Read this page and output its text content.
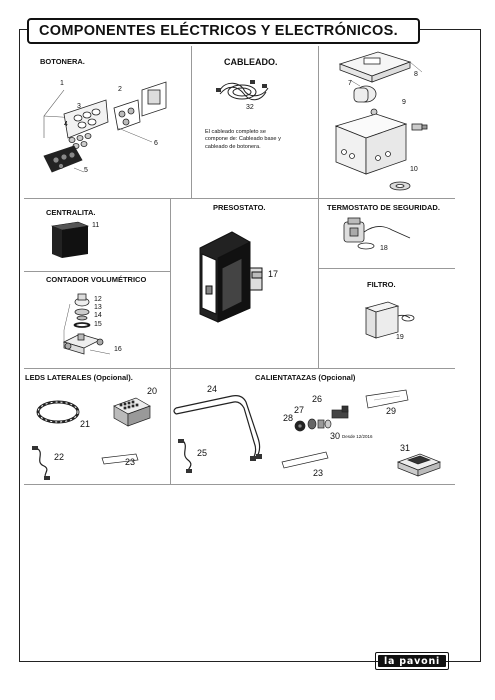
COMPONENTES ELÉCTRICOS Y ELECTRÓNICOS.
BOTONERA.	CABLEADO.
CENTRALITA.
PRESOSTATO.	TERMOSTATO DE SEGURIDAD.
CONTADOR VOLUMÉTRICO
FILTRO.
LEDS LATERALES (Opcional).	CALIENTATAZAS (Opcional)
1
2
3
4
5
6
32
El cableado completo se compone de: Cableado base y cableado de botonera.
7
8
9
10
11
17
18
12
13
14
15
16
19
21
20
22	23
24
25
26
27
28
30 Desde 12/2016
29
23
31
la pavoni
